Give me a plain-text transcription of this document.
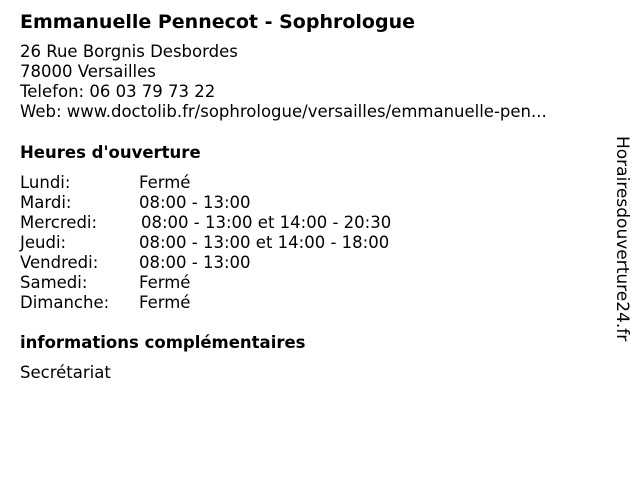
Emmanuelle Pennecot - Sophrologue
26 Rue Borgnis Desbordes
78000 Versailles
Telefon: 06 03 79 73 22
Web: www.doctolib.fr/sophrologue/versailles/emmanuelle-pen...
Heures d'ouverture
Lundi:	Fermé
Mardi:	08:00 - 13:00
Mercredi:	08:00 - 13:00 et 14:00 - 20:30
Jeudi:	08:00 - 13:00 et 14:00 - 18:00
Vendredi: 08:00 - 13:00
Samedi:	Fermé
Dimanche: Fermé
informations complémentaires
Secrétariat
Horairesdouverture24.fr
